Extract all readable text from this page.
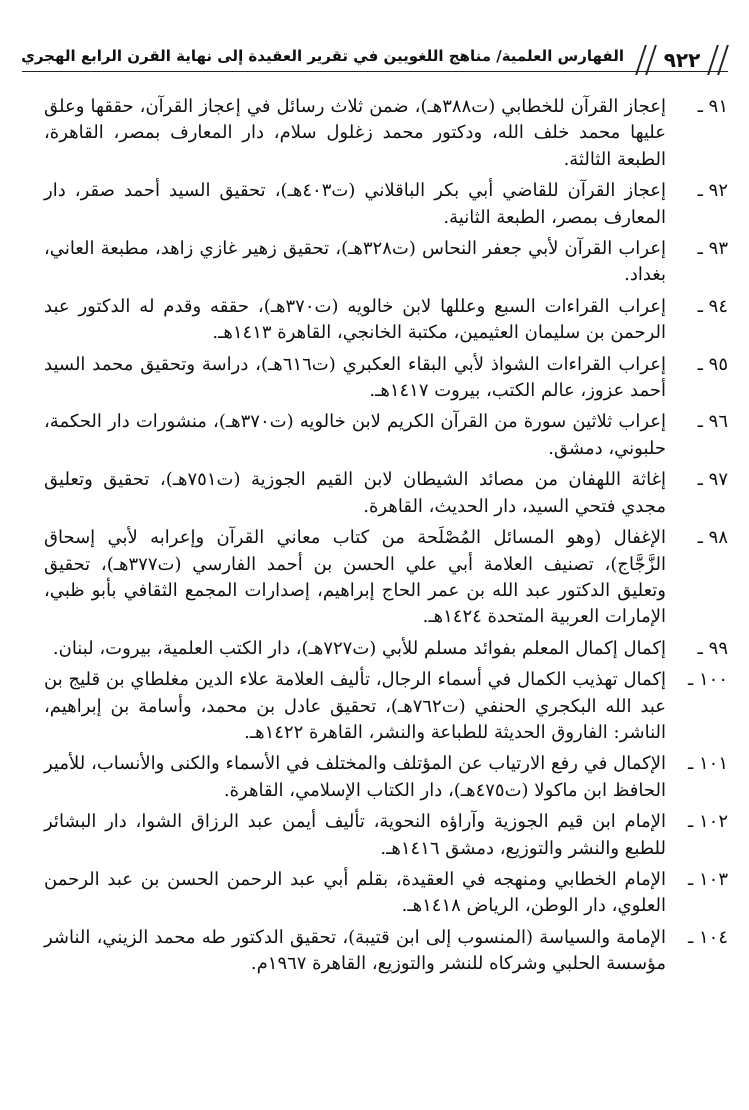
٩٢٢
الفهارس العلمية/ مناهج اللغويين في تقرير العقيدة إلى نهاية القرن الرابع الهجري
٩١ ـ
إعجاز القرآن للخطابي (ت٣٨٨هـ)، ضمن ثلاث رسائل في إعجاز القرآن، حققها وعلق عليها محمد خلف الله، ودكتور محمد زغلول سلام، دار المعارف بمصر، القاهرة، الطبعة الثالثة.
٩٢ ـ
إعجاز القرآن للقاضي أبي بكر الباقلاني (ت٤٠٣هـ)، تحقيق السيد أحمد صقر، دار المعارف بمصر، الطبعة الثانية.
٩٣ ـ
إعراب القرآن لأبي جعفر النحاس (ت٣٢٨هـ)، تحقيق زهير غازي زاهد، مطبعة العاني، بغداد.
٩٤ ـ
إعراب القراءات السبع وعللها لابن خالويه (ت٣٧٠هـ)، حققه وقدم له الدكتور عبد الرحمن بن سليمان العثيمين، مكتبة الخانجي، القاهرة ١٤١٣هـ.
٩٥ ـ
إعراب القراءات الشواذ لأبي البقاء العكبري (ت٦١٦هـ)، دراسة وتحقيق محمد السيد أحمد عزوز، عالم الكتب، بيروت ١٤١٧هـ.
٩٦ ـ
إعراب ثلاثين سورة من القرآن الكريم لابن خالويه (ت٣٧٠هـ)، منشورات دار الحكمة، حلبوني، دمشق.
٩٧ ـ
إغاثة اللهفان من مصائد الشيطان لابن القيم الجوزية (ت٧٥١هـ)، تحقيق وتعليق مجدي فتحي السيد، دار الحديث، القاهرة.
٩٨ ـ
الإغفال (وهو المسائل المُصْلَحة من كتاب معاني القرآن وإعرابه لأبي إسحاق الزَّجَّاج)، تصنيف العلامة أبي علي الحسن بن أحمد الفارسي (ت٣٧٧هـ)، تحقيق وتعليق الدكتور عبد الله بن عمر الحاج إبراهيم، إصدارات المجمع الثقافي بأبو ظبي، الإمارات العربية المتحدة ١٤٢٤هـ.
٩٩ ـ
إكمال إكمال المعلم بفوائد مسلم للأبي (ت٧٢٧هـ)، دار الكتب العلمية، بيروت، لبنان.
١٠٠ ـ
إكمال تهذيب الكمال في أسماء الرجال، تأليف العلامة علاء الدين مغلطاي بن قليج بن عبد الله البكجري الحنفي (ت٧٦٢هـ)، تحقيق عادل بن محمد، وأسامة بن إبراهيم، الناشر: الفاروق الحديثة للطباعة والنشر، القاهرة ١٤٢٢هـ.
١٠١ ـ
الإكمال في رفع الارتياب عن المؤتلف والمختلف في الأسماء والكنى والأنساب، للأمير الحافظ ابن ماكولا (ت٤٧٥هـ)، دار الكتاب الإسلامي، القاهرة.
١٠٢ ـ
الإمام ابن قيم الجوزية وآراؤه النحوية، تأليف أيمن عبد الرزاق الشوا، دار البشائر للطبع والنشر والتوزيع، دمشق ١٤١٦هـ.
١٠٣ ـ
الإمام الخطابي ومنهجه في العقيدة، بقلم أبي عبد الرحمن الحسن بن عبد الرحمن العلوي، دار الوطن، الرياض ١٤١٨هـ.
١٠٤ ـ
الإمامة والسياسة (المنسوب إلى ابن قتيبة)، تحقيق الدكتور طه محمد الزيني، الناشر مؤسسة الحلبي وشركاه للنشر والتوزيع، القاهرة ١٩٦٧م.
